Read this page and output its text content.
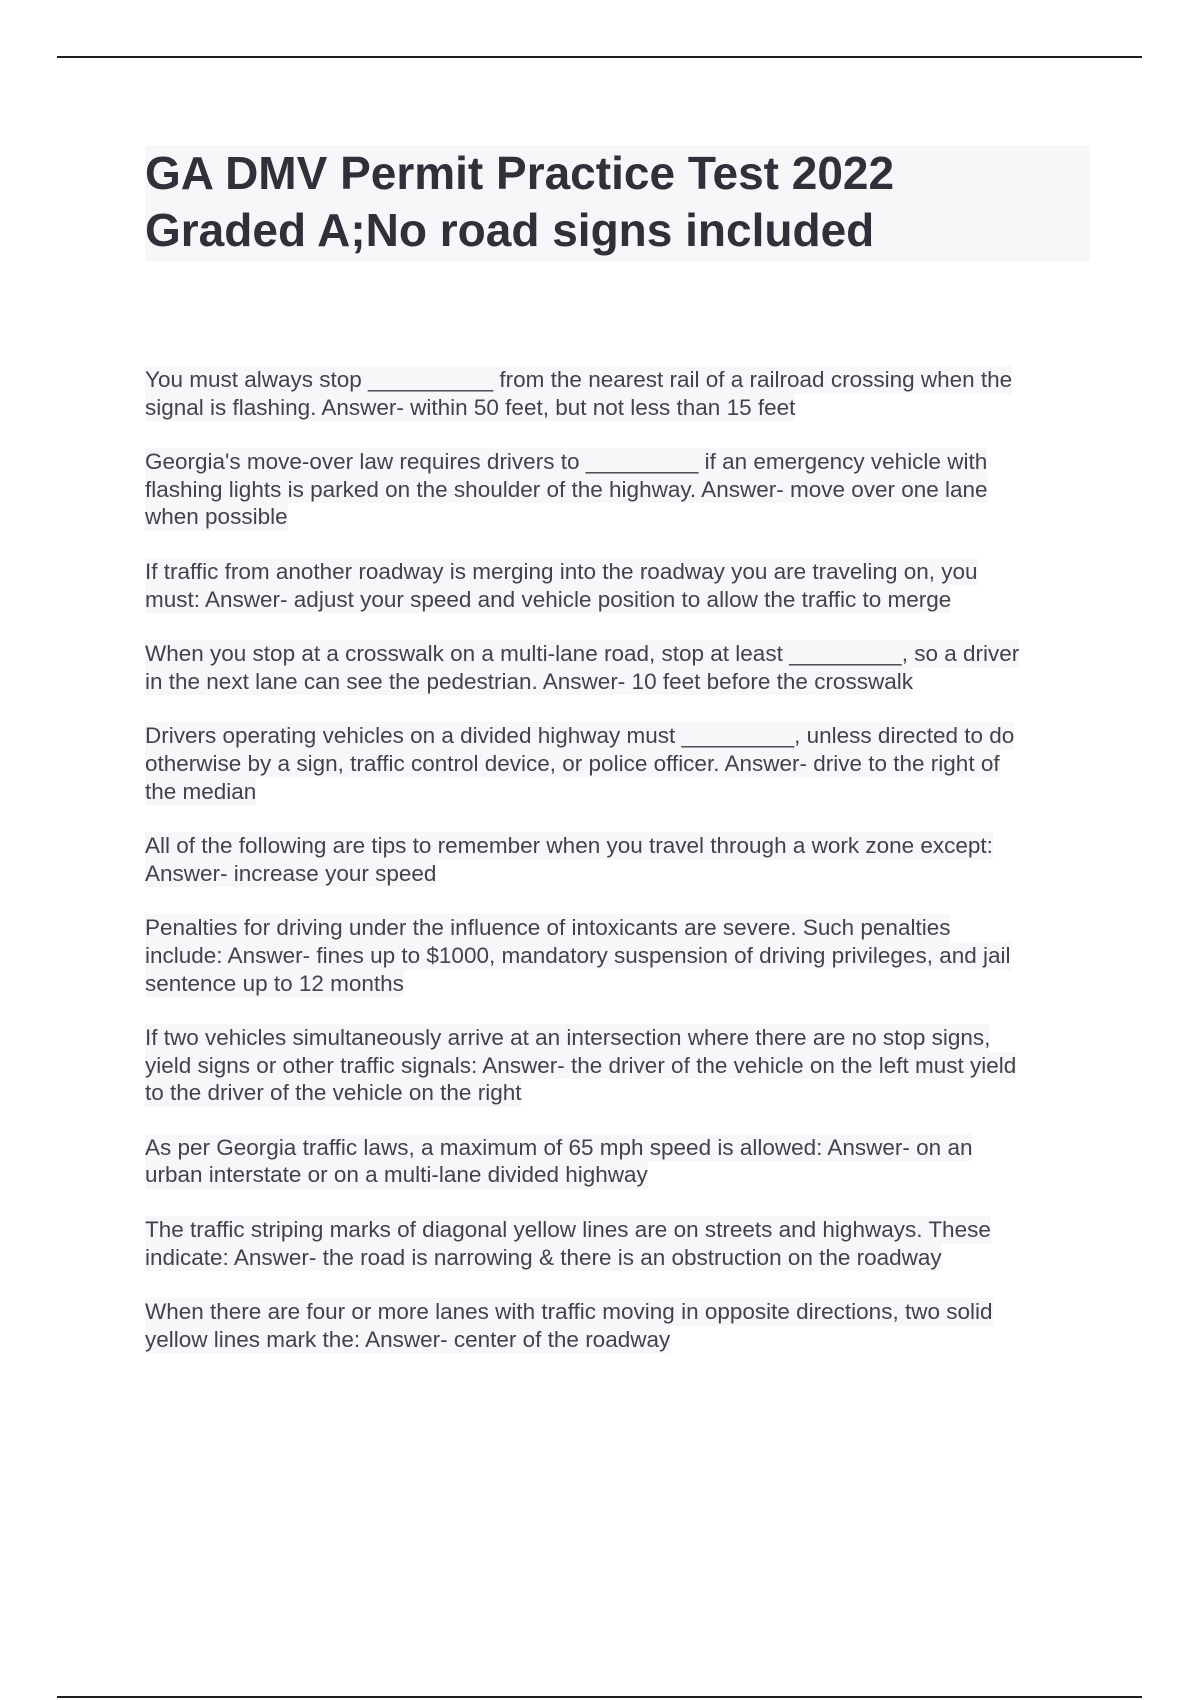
GA DMV Permit Practice Test 2022

Graded A;No road signs included

You must always stop __________ from the nearest rail of a railroad crossing when the
signal is flashing. Answer- within 50 feet, but not less than 15 feet
Georgia's move-over law requires drivers to _________ if an emergency vehicle with
flashing lights is parked on the shoulder of the highway. Answer- move over one lane
when possible
If traffic from another roadway is merging into the roadway you are traveling on, you
must: Answer- adjust your speed and vehicle position to allow the traffic to merge
When you stop at a crosswalk on a multi-lane road, stop at least _________, so a driver
in the next lane can see the pedestrian. Answer- 10 feet before the crosswalk
Drivers operating vehicles on a divided highway must _________, unless directed to do
otherwise by a sign, traffic control device, or police officer. Answer- drive to the right of
the median
All of the following are tips to remember when you travel through a work zone except:
Answer- increase your speed
Penalties for driving under the influence of intoxicants are severe. Such penalties
include: Answer- fines up to $1000, mandatory suspension of driving privileges, and jail
sentence up to 12 months
If two vehicles simultaneously arrive at an intersection where there are no stop signs,
yield signs or other traffic signals: Answer- the driver of the vehicle on the left must yield
to the driver of the vehicle on the right
As per Georgia traffic laws, a maximum of 65 mph speed is allowed: Answer- on an
urban interstate or on a multi-lane divided highway
The traffic striping marks of diagonal yellow lines are on streets and highways. These
indicate: Answer- the road is narrowing & there is an obstruction on the roadway
When there are four or more lanes with traffic moving in opposite directions, two solid
yellow lines mark the: Answer- center of the roadway
